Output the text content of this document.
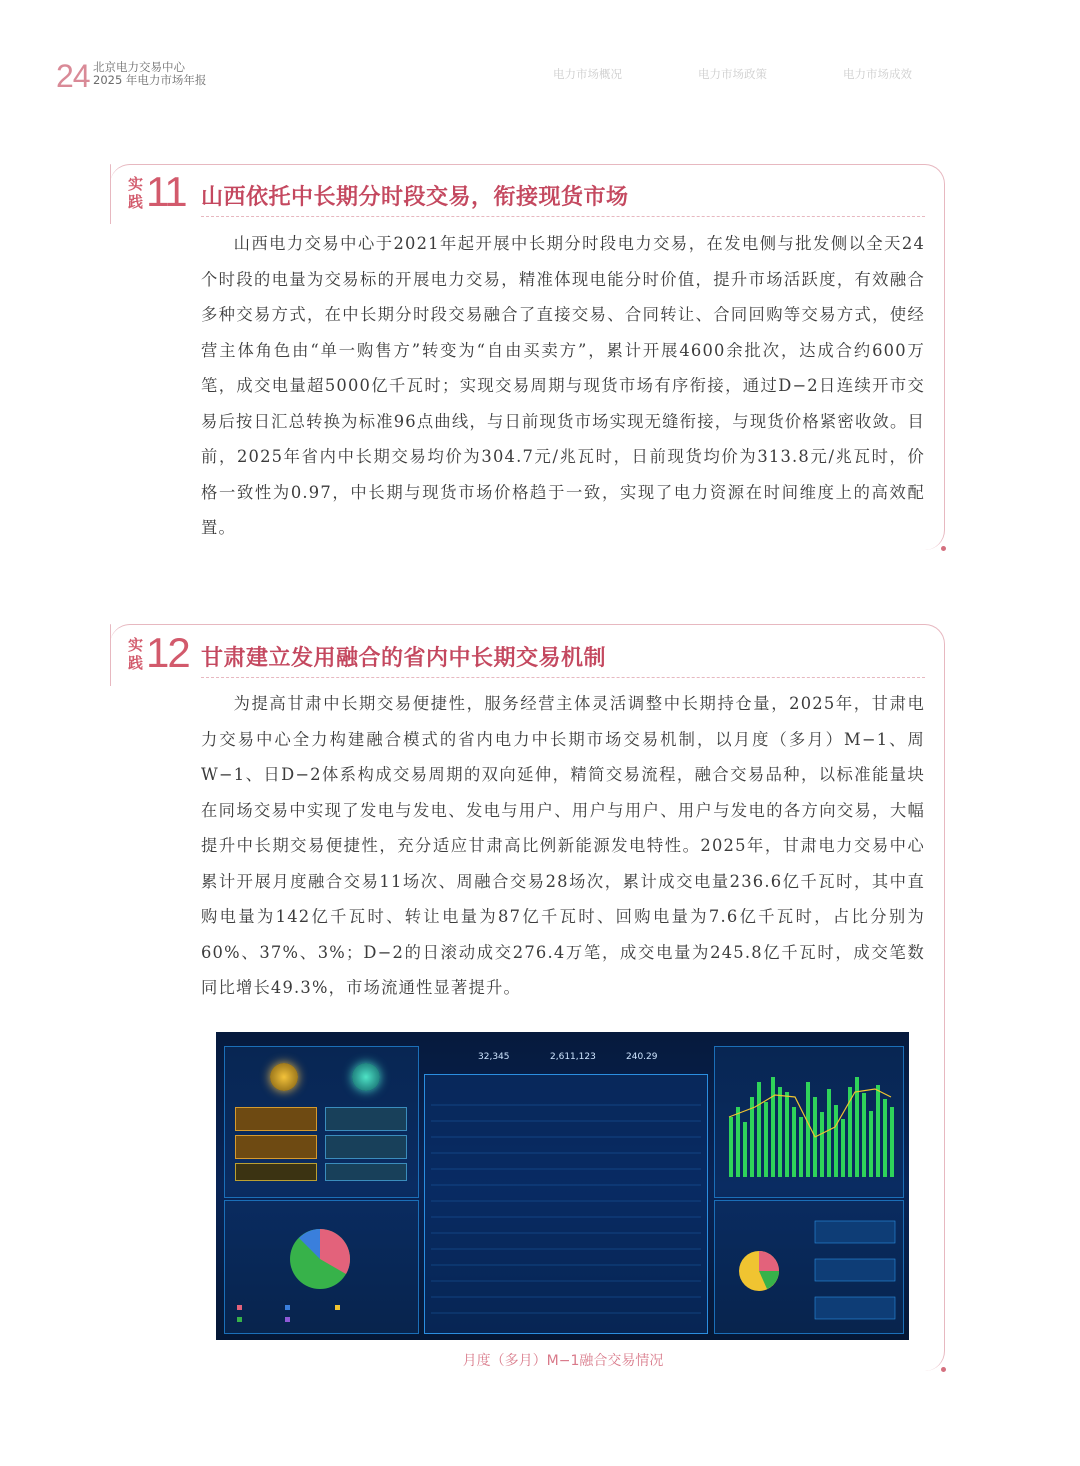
24 北京电力交易中心
2025 年电力市场年报	电力市场概况	电力市场政策	电力市场成效
实
践 11 山西依托中长期分时段交易，衔接现货市场
山西电力交易中心于2021年起开展中长期分时段电力交易，在发电侧与批发侧以全天24个时段的电量为交易标的开展电力交易，精准体现电能分时价值，提升市场活跃度，有效融合多种交易方式，在中长期分时段交易融合了直接交易、合同转让、合同回购等交易方式，使经营主体角色由“单一购售方”转变为“自由买卖方”，累计开展4600余批次，达成合约600万笔，成交电量超5000亿千瓦时；实现交易周期与现货市场有序衔接，通过D−2日连续开市交易后按日汇总转换为标准96点曲线，与日前现货市场实现无缝衔接，与现货价格紧密收敛。目前，2025年省内中长期交易均价为304.7元/兆瓦时，日前现货均价为313.8元/兆瓦时，价格一致性为0.97，中长期与现货市场价格趋于一致，实现了电力资源在时间维度上的高效配置。
实
践 12 甘肃建立发用融合的省内中长期交易机制
为提高甘肃中长期交易便捷性，服务经营主体灵活调整中长期持仓量，2025年，甘肃电力交易中心全力构建融合模式的省内电力中长期市场交易机制，以月度（多月）M−1、周W−1、日D−2体系构成交易周期的双向延伸，精简交易流程，融合交易品种，以标准能量块在同场交易中实现了发电与发电、发电与用户、用户与用户、用户与发电的各方向交易，大幅提升中长期交易便捷性，充分适应甘肃高比例新能源发电特性。2025年，甘肃电力交易中心累计开展月度融合交易11场次、周融合交易28场次，累计成交电量236.6亿千瓦时，其中直购电量为142亿千瓦时、转让电量为87亿千瓦时、回购电量为7.6亿千瓦时，占比分别为60%、37%、3%；D−2的日滚动成交276.4万笔，成交电量为245.8亿千瓦时，成交笔数同比增长49.3%，市场流通性显著提升。
32,345	2,611,123	240.29
月度（多月）M−1融合交易情况
